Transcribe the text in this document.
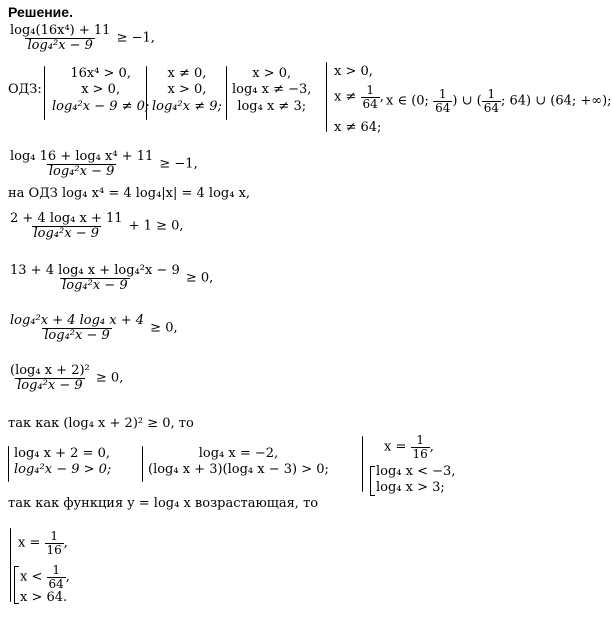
Решение.
$\frac{\text{log₄(16x⁴) + 11}}{\text{log₄²x − 9}} \ge -1$,
ОДЗ:
16x⁴ > 0,
x > 0,
log₄²x − 9 ≠ 0;
x ≠ 0,
x > 0,
log₄²x ≠ 9;
x > 0,
log₄ x ≠ −3,
log₄ x ≠ 3;
x > 0,
$x \ne \frac{1}{64}$ ,
x ≠ 64;
x ∈ (0; $\frac{1}{64}$ ) ∪ ( $\frac{1}{64}$ ; 64) ∪ (64; +∞);
$\frac{\text{log₄ 16 + log₄ x⁴ + 11}}{\text{log₄²x − 9}} \ge -1$,
на ОДЗ log₄ x⁴ = 4 log₄|x| = 4 log₄ x,
$\frac{\text{2 + 4 log₄ x + 11}}{\text{log₄²x − 9}} + 1 \ge 0$,
$\frac{\text{13 + 4 log₄ x + log₄²x − 9}}{\text{log₄²x − 9}} \ge 0$,
$\frac{\text{log₄²x + 4 log₄ x + 4}}{\text{log₄²x − 9}} \ge 0$,
$\frac{\text{(log₄ x + 2)²}}{\text{log₄²x − 9}} \ge 0$,
так как (log₄ x + 2)² ≥ 0, то
log₄ x + 2 = 0,
log₄²x − 9 > 0;
log₄ x = −2,
(log₄ x + 3)(log₄ x − 3) > 0;
$x = \frac{1}{16}$ ,
log₄ x < −3,
log₄ x > 3;
так как функция y = log₄ x возрастающая, то
$x = \frac{1}{16}$ ,
$x < \frac{1}{64}$ ,
x > 64.
